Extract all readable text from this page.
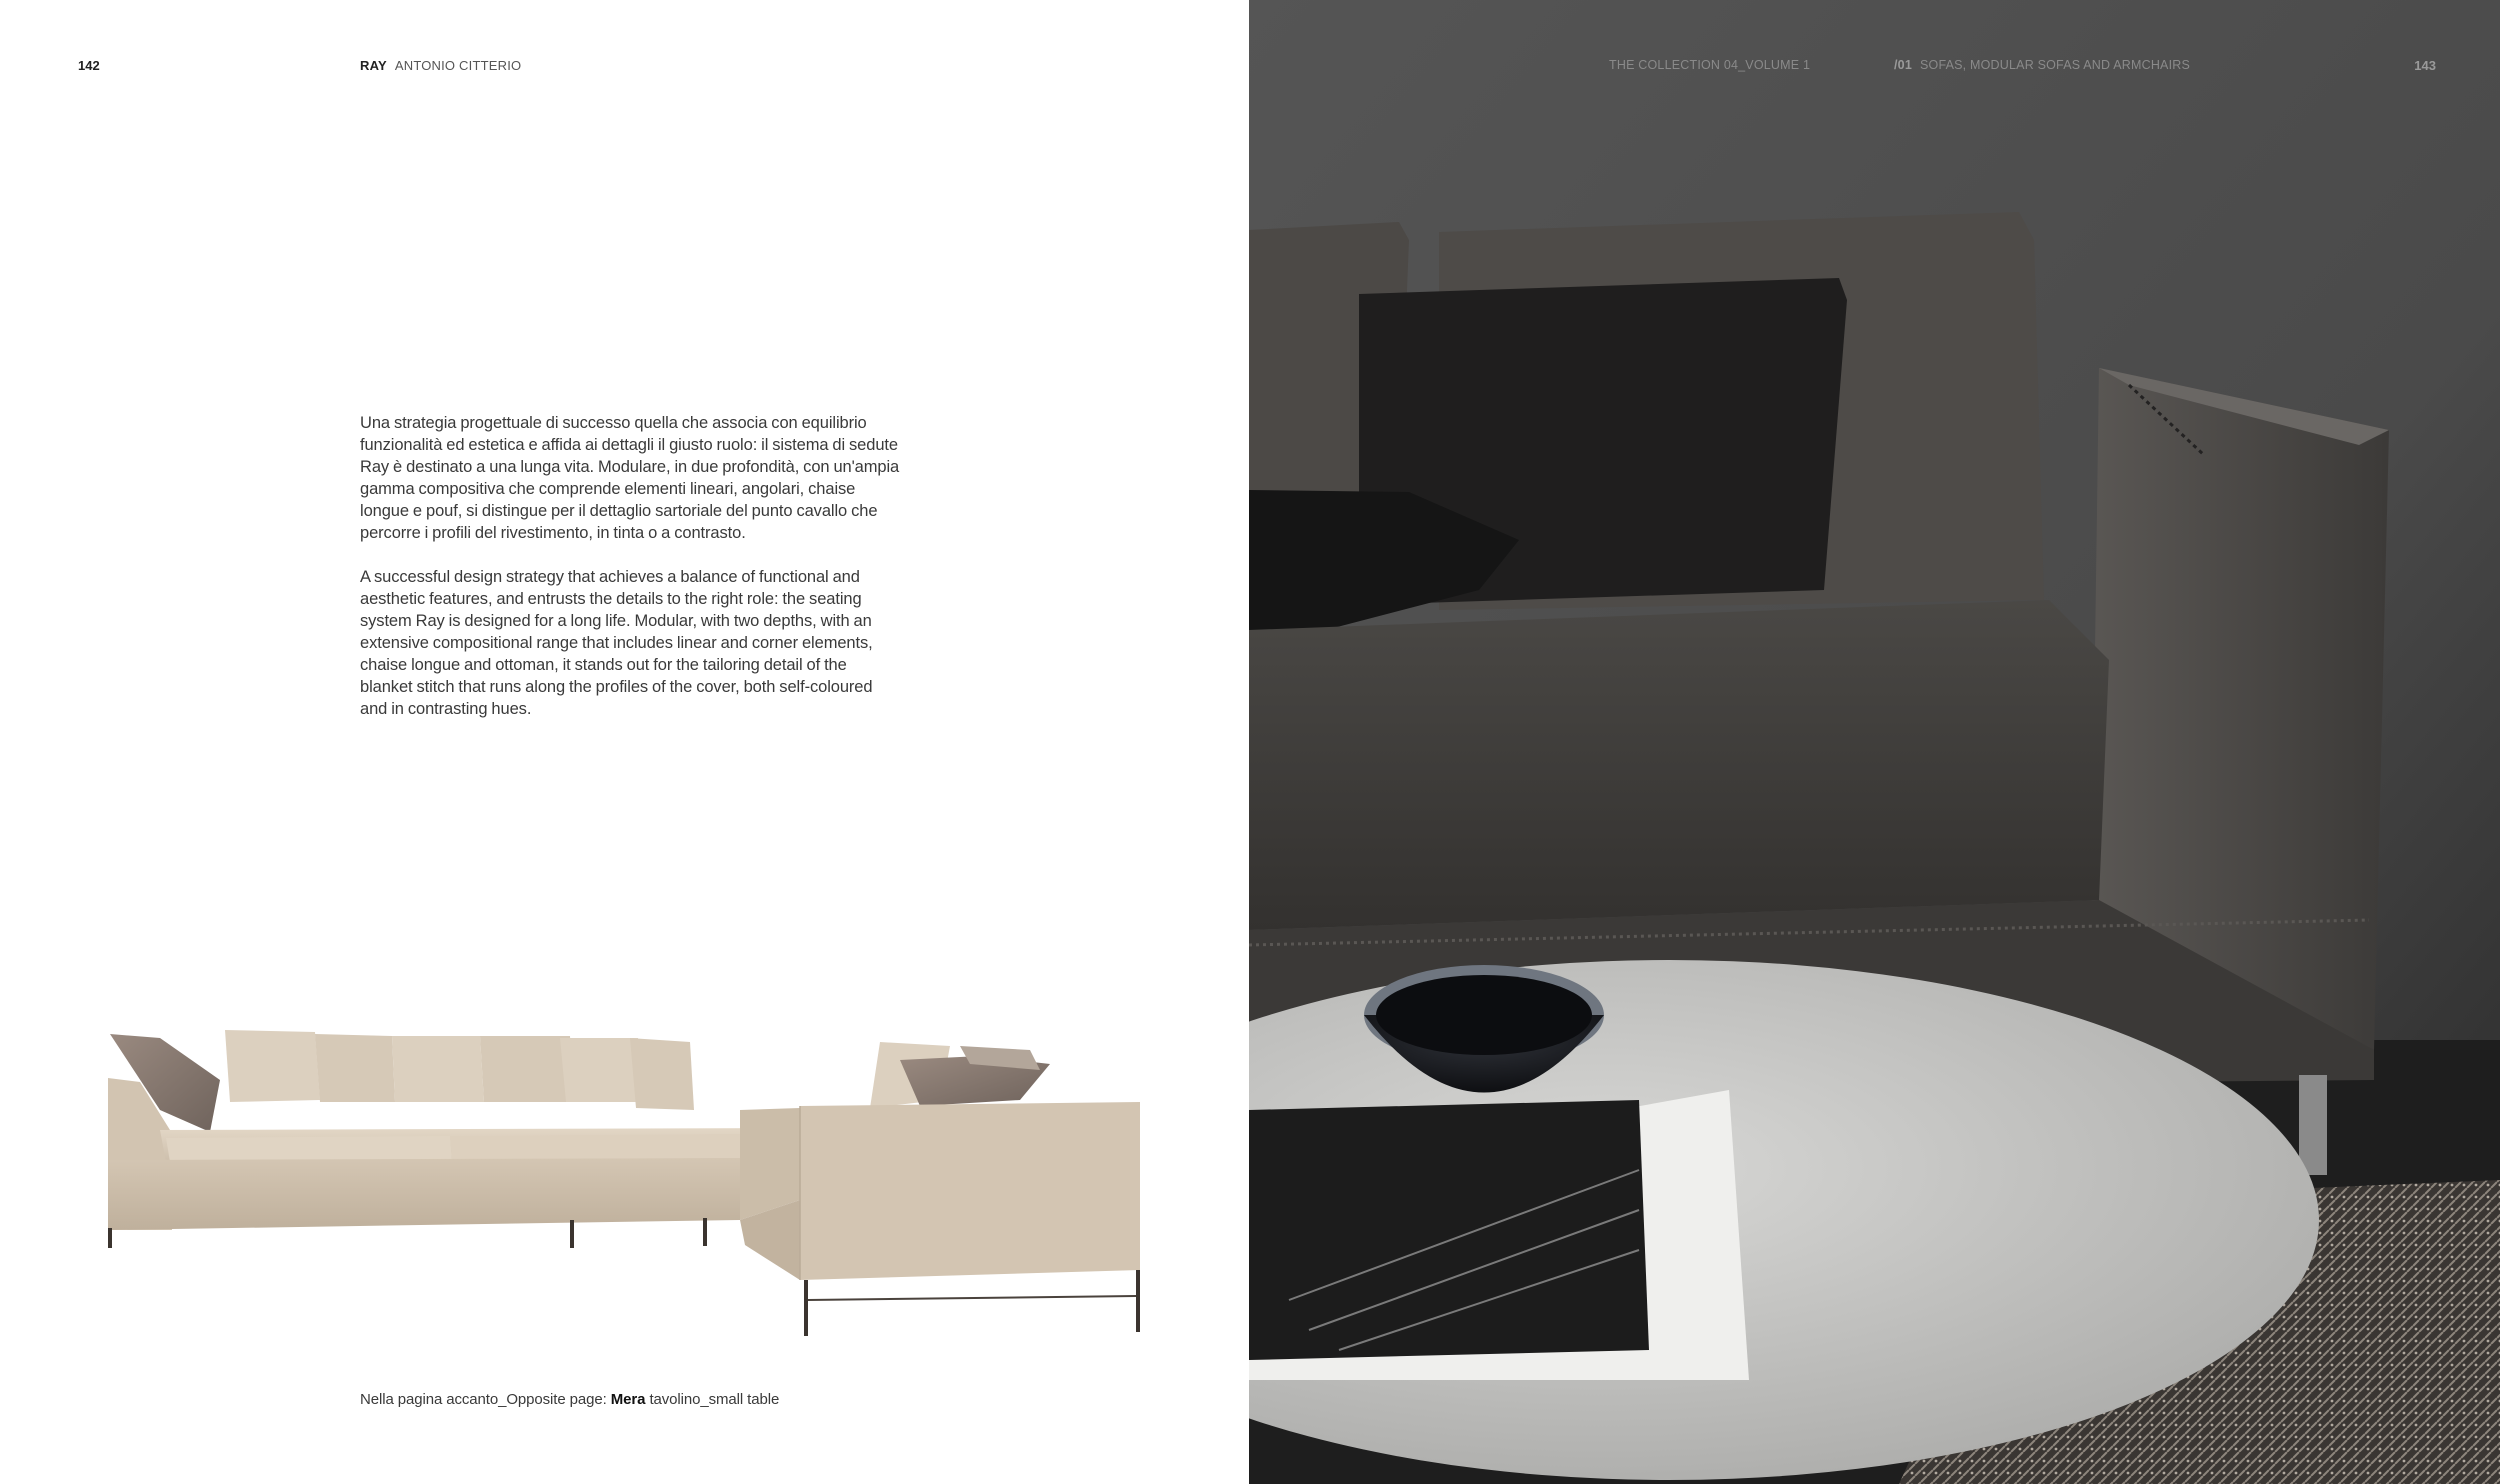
142	RAY ANTONIO CITTERIO

Una strategia progettuale di successo quella che associa con equilibrio funzionalità ed estetica e affida ai dettagli il giusto ruolo: il sistema di sedute Ray è destinato a una lunga vita. Modulare, in due profondità, con un'ampia gamma compositiva che comprende elementi lineari, angolari, chaise longue e pouf, si distingue per il dettaglio sartoriale del punto cavallo che percorre i profili del rivestimento, in tinta o a contrasto.

A successful design strategy that achieves a balance of functional and aesthetic features, and entrusts the details to the right role: the seating system Ray is designed for a long life. Modular, with two depths, with an extensive compositional range that includes linear and corner elements, chaise longue and ottoman, it stands out for the tailoring detail of the blanket stitch that runs along the profiles of the cover, both self-coloured and in contrasting hues.

Nella pagina accanto_Opposite page: Mera tavolino_small table
THE COLLECTION 04_VOLUME 1	/01 SOFAS, MODULAR SOFAS AND ARMCHAIRS	143
